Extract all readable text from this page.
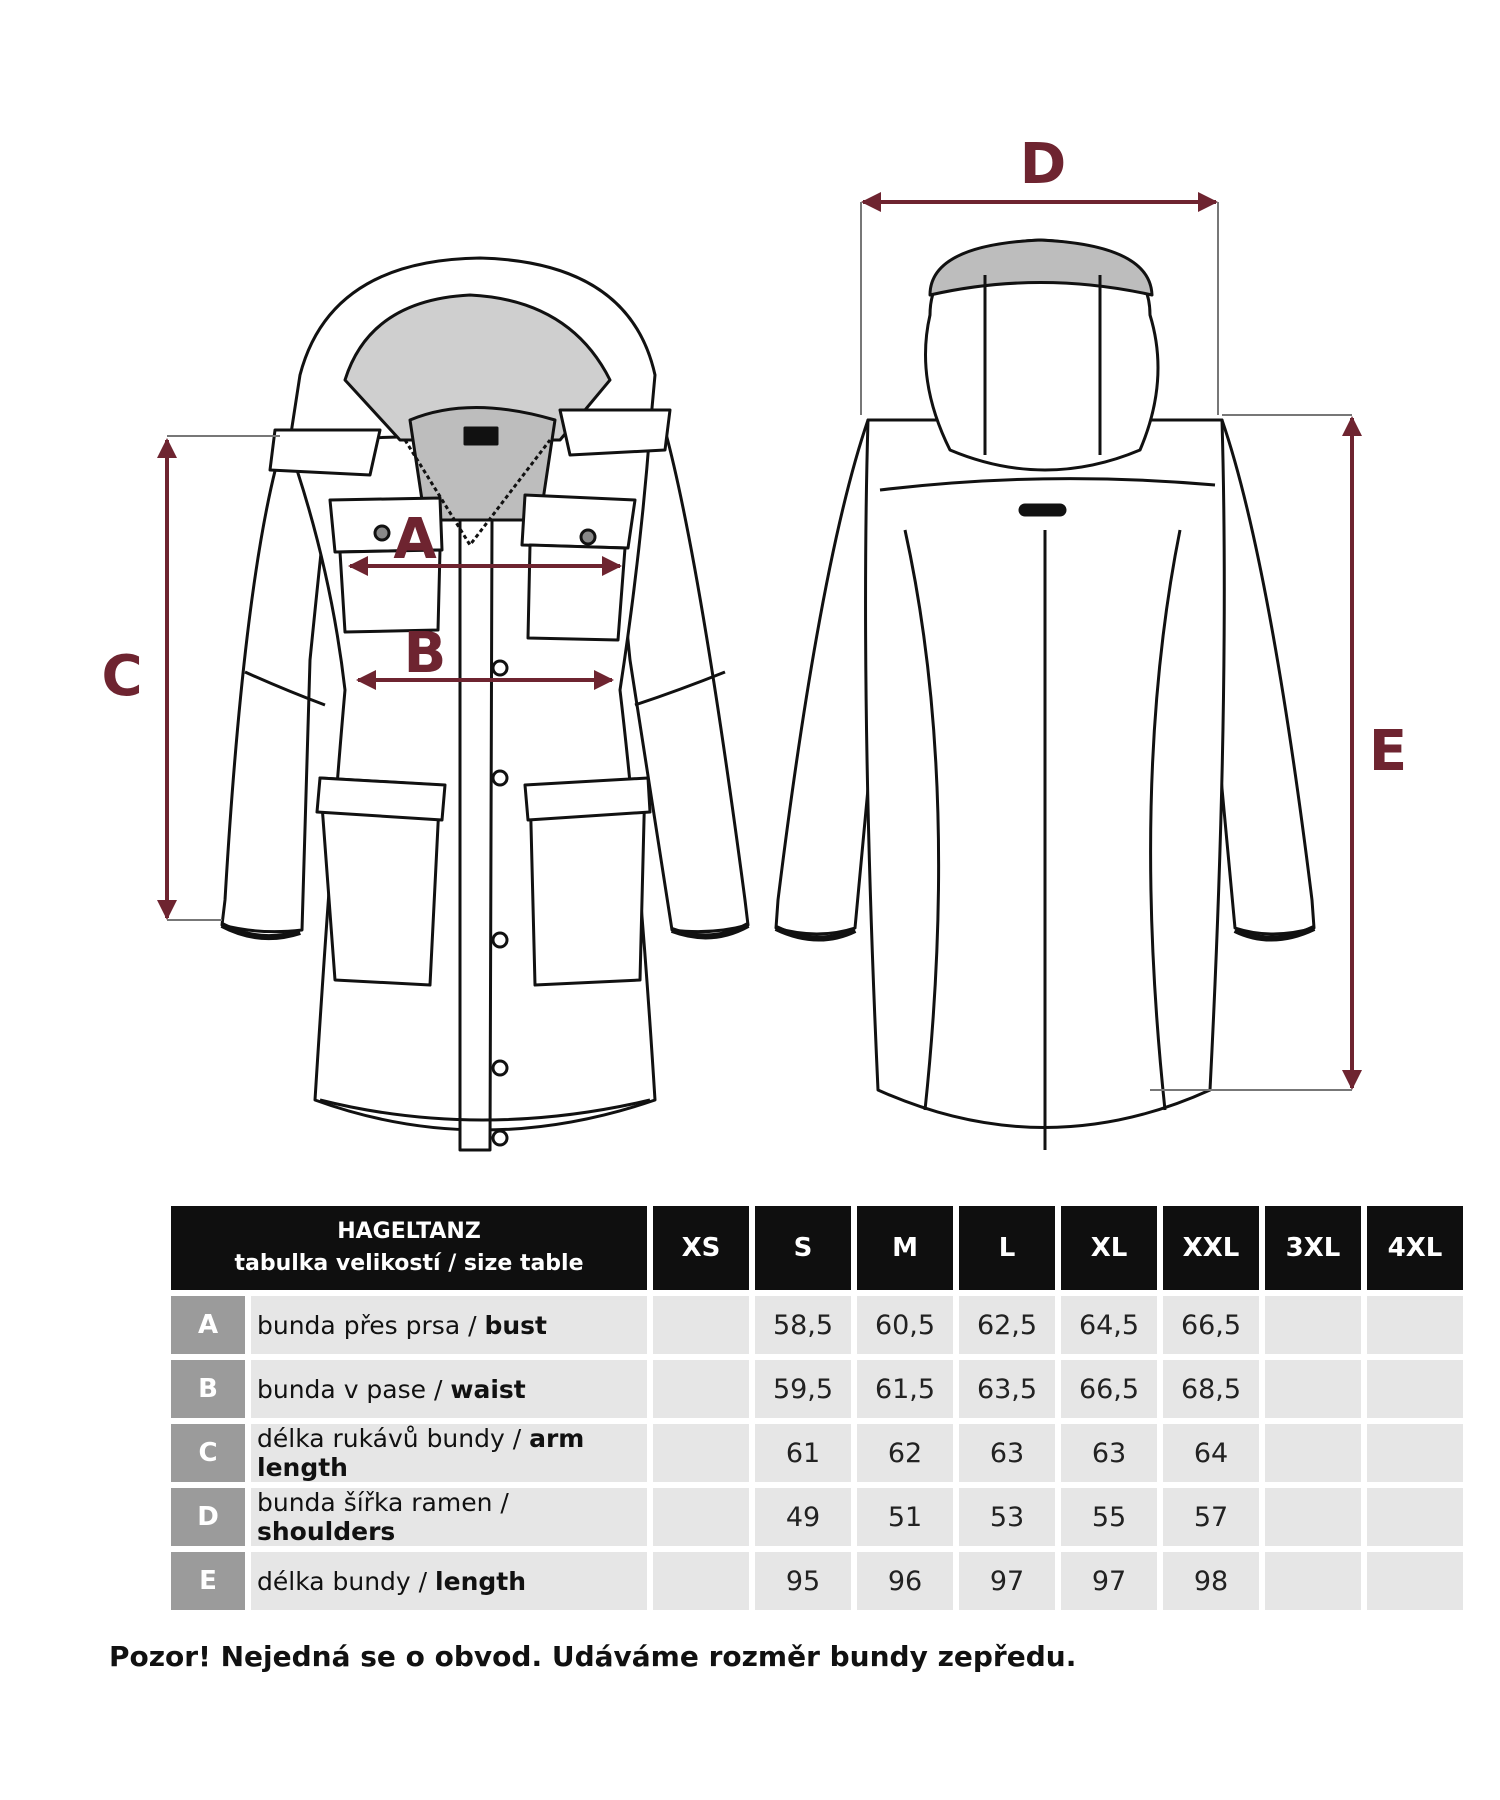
A
B
C
D
E
HAGELTANZ
tabulka velikostí / size table		XS	S	M	L	XL	XXL	3XL	4XL
A	bunda přes prsa / bust		58,5	60,5	62,5	64,5	66,5		
B	bunda v pase / waist		59,5	61,5	63,5	66,5	68,5		
C	délka rukávů bundy / arm length		61	62	63	63	64		
D	bunda šířka ramen / shoulders		49	51	53	55	57		
E	délka bundy / length		95	96	97	97	98		
Pozor! Nejedná se o obvod. Udáváme rozměr bundy zepředu.
